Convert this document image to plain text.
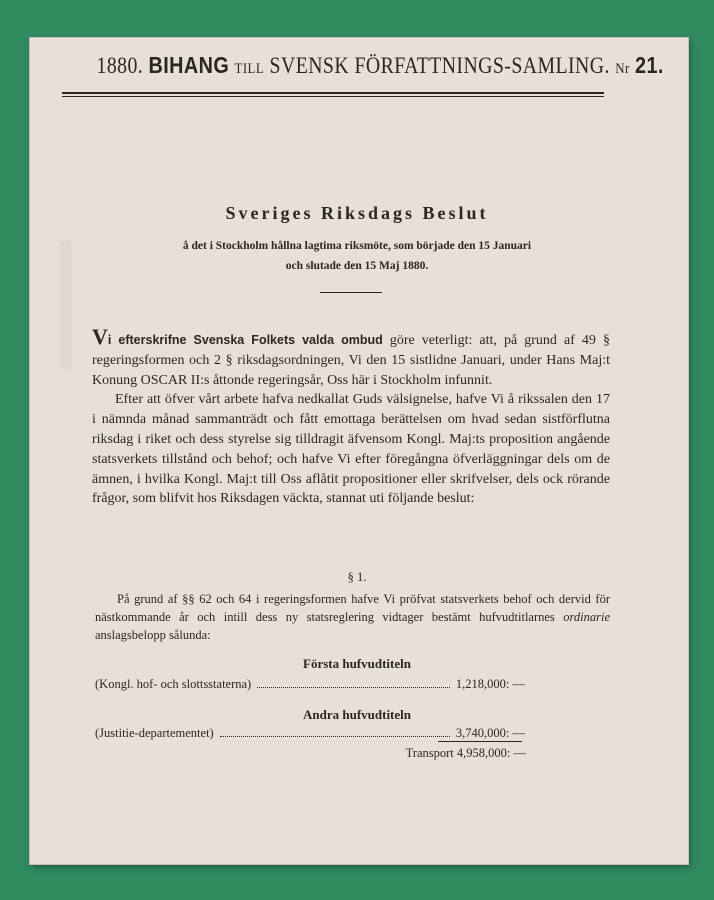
1880. BIHANG TILL SVENSK FÖRFATTNINGS-SAMLING. Nr 21.
Sveriges Riksdags Beslut
å det i Stockholm hållna lagtima riksmöte, som började den 15 Januari
och slutade den 15 Maj 1880.

Vi efterskrifne Svenska Folkets valda ombud göre veterligt: att, på grund af 49 § regeringsformen och 2 § riksdagsordningen, Vi den 15 sistlidne Januari, under Hans Maj:t Konung OSCAR II:s åttonde regeringsår, Oss här i Stockholm infunnit.

Efter att öfver vårt arbete hafva nedkallat Guds välsignelse, hafve Vi å rikssalen den 17 i nämnda månad sammanträdt och fått emottaga berättelsen om hvad sedan sistförflutna riksdag i riket och dess styrelse sig tilldragit äfvensom Kongl. Maj:ts proposition angående statsverkets tillstånd och behof; och hafve Vi efter föregångna öfverläggningar dels om de ämnen, i hvilka Kongl. Maj:t till Oss aflåtit propositioner eller skrifvelser, dels ock rörande frågor, som blifvit hos Riksdagen väckta, stannat uti följande beslut:

§ 1.

På grund af §§ 62 och 64 i regeringsformen hafve Vi pröfvat statsverkets behof och dervid för nästkommande år och intill dess ny statsreglering vidtager bestämt hufvudtitlarnes ordinarie anslagsbelopp sålunda:

Första hufvudtiteln
(Kongl. hof- och slottsstaterna)	1,218,000: —
Andra hufvudtiteln
(Justitie-departementet)	3,740,000: —
Transport 4,958,000: —
